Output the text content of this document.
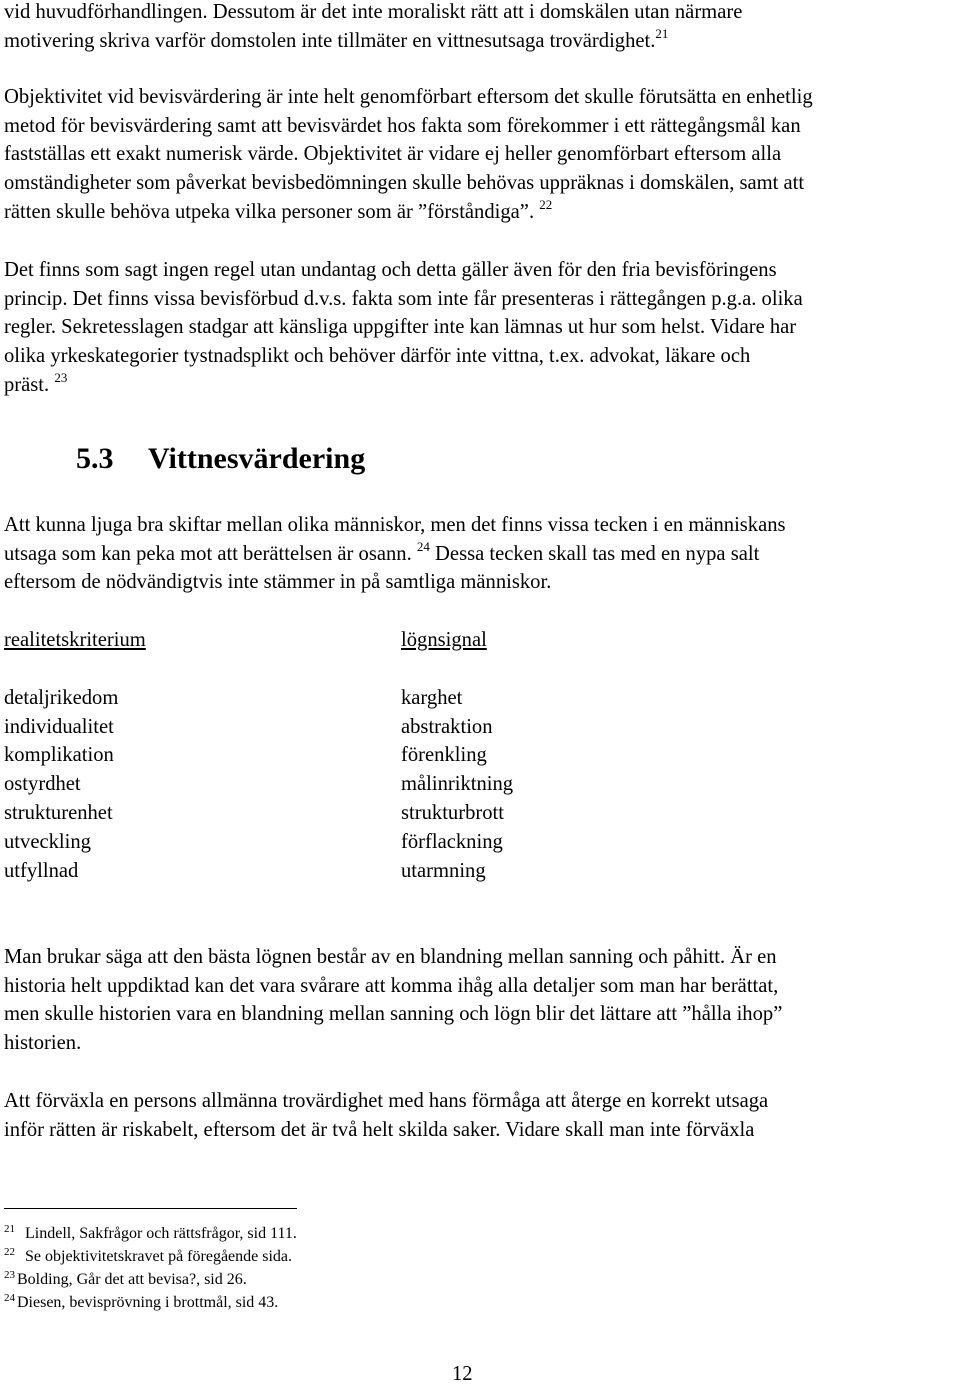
vid huvudförhandlingen. Dessutom är det inte moraliskt rätt att i domskälen utan närmare
motivering skriva varför domstolen inte tillmäter en vittnesutsaga trovärdighet.$^{21}$
Objektivitet vid bevisvärdering är inte helt genomförbart eftersom det skulle förutsätta en enhetlig
metod för bevisvärdering samt att bevisvärdet hos fakta som förekommer i ett rättegångsmål kan
fastställas ett exakt numerisk värde. Objektivitet är vidare ej heller genomförbart eftersom alla
omständigheter som påverkat bevisbedömningen skulle behövas uppräknas i domskälen, samt att
rätten skulle behöva utpeka vilka personer som är ”förståndiga”. $^{22}$
Det finns som sagt ingen regel utan undantag och detta gäller även för den fria bevisföringens
princip. Det finns vissa bevisförbud d.v.s. fakta som inte får presenteras i rättegången p.g.a. olika
regler. Sekretesslagen stadgar att känsliga uppgifter inte kan lämnas ut hur som helst. Vidare har
olika yrkeskategorier tystnadsplikt och behöver därför inte vittna, t.ex. advokat, läkare och
präst. $^{23}$
5.3 Vittnesvärdering
Att kunna ljuga bra skiftar mellan olika människor, men det finns vissa tecken i en människans
utsaga som kan peka mot att berättelsen är osann. $^{24}$ Dessa tecken skall tas med en nypa salt
eftersom de nödvändigtvis inte stämmer in på samtliga människor.
realitetskriterium
detaljrikedom
individualitet
komplikation
ostyrdhet
strukturenhet
utveckling
utfyllnad
lögnsignal
karghet
abstraktion
förenkling
målinriktning
strukturbrott
förflackning
utarmning
Man brukar säga att den bästa lögnen består av en blandning mellan sanning och påhitt. Är en
historia helt uppdiktad kan det vara svårare att komma ihåg alla detaljer som man har berättat,
men skulle historien vara en blandning mellan sanning och lögn blir det lättare att ”hålla ihop”
historien.
Att förväxla en persons allmänna trovärdighet med hans förmåga att återge en korrekt utsaga
inför rätten är riskabelt, eftersom det är två helt skilda saker. Vidare skall man inte förväxla

$^{21}$ Lindell, Sakfrågor och rättsfrågor, sid 111.

$^{22}$ Se objektivitetskravet på föregående sida.

$^{23}$ Bolding, Går det att bevisa?, sid 26.

$^{24}$ Diesen, bevisprövning i brottmål, sid 43.

12
